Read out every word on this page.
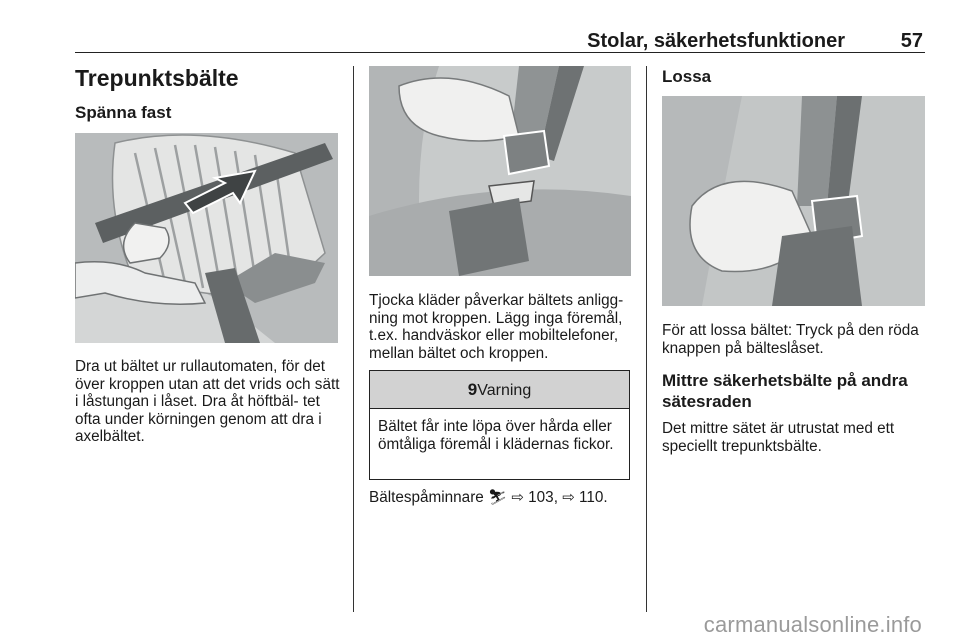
Stolar, säkerhetsfunktioner	57
Trepunktsbälte
Spänna fast

Dra ut bältet ur rullautomaten, för det över kroppen utan att det vrids och sätt i låstungan i låset. Dra åt höftbäl- tet ofta under körningen genom att dra i axelbältet.

Tjocka kläder påverkar bältets anligg- ning mot kroppen. Lägg inga föremål, t.ex. handväskor eller mobiltelefoner, mellan bältet och kroppen.

9Varning
Bältet får inte löpa över hårda eller ömtåliga föremål i klädernas fickor.

Bältespåminnare ⛷ ⇨ 103, ⇨ 110.

Lossa

För att lossa bältet: Tryck på den röda knappen på bälteslåset.

Mittre säkerhetsbälte på andra sätesraden

Det mittre sätet är utrustat med ett speciellt trepunktsbälte.

carmanualsonline.info
